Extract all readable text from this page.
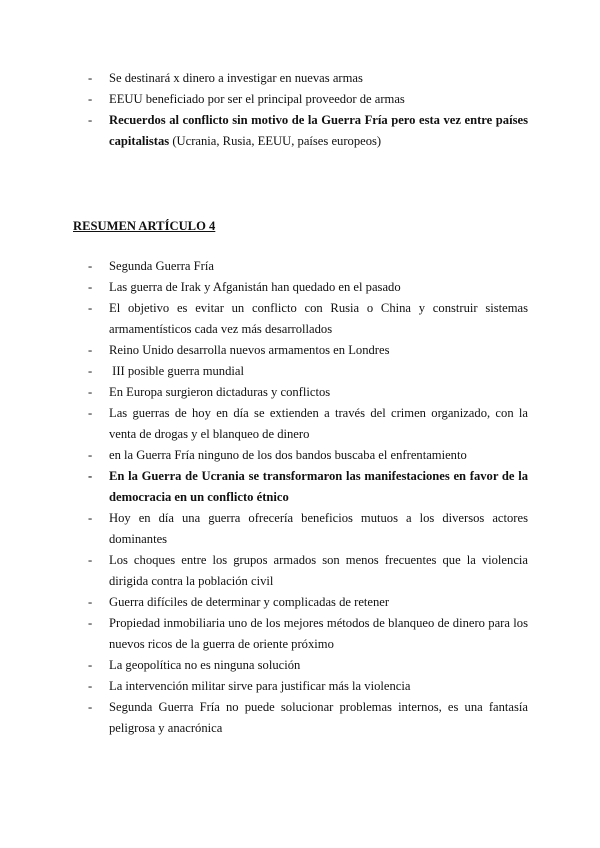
- Se destinará x dinero a investigar en nuevas armas
- EEUU beneficiado por ser el principal proveedor de armas
- Recuerdos al conflicto sin motivo de la Guerra Fría pero esta vez entre países capitalistas (Ucrania, Rusia, EEUU, países europeos)
RESUMEN ARTÍCULO 4
- Segunda Guerra Fría
- Las guerra de Irak y Afganistán han quedado en el pasado
- El objetivo es evitar un conflicto con Rusia o China y construir sistemas armamentísticos cada vez más desarrollados
- Reino Unido desarrolla nuevos armamentos en Londres
-  III posible guerra mundial
- En Europa surgieron dictaduras y conflictos
- Las guerras de hoy en día se extienden a través del crimen organizado, con la venta de drogas y el blanqueo de dinero
- en la Guerra Fría ninguno de los dos bandos buscaba el enfrentamiento
- En la Guerra de Ucrania se transformaron las manifestaciones en favor de la democracia en un conflicto étnico
- Hoy en día una guerra ofrecería beneficios mutuos a los diversos actores dominantes
- Los choques entre los grupos armados son menos frecuentes que la violencia dirigida contra la población civil
- Guerra difíciles de determinar y complicadas de retener
- Propiedad inmobiliaria uno de los mejores métodos de blanqueo de dinero para los nuevos ricos de la guerra de oriente próximo
- La geopolítica no es ninguna solución
- La intervención militar sirve para justificar más la violencia
- Segunda Guerra Fría no puede solucionar problemas internos, es una fantasía peligrosa y anacrónica
